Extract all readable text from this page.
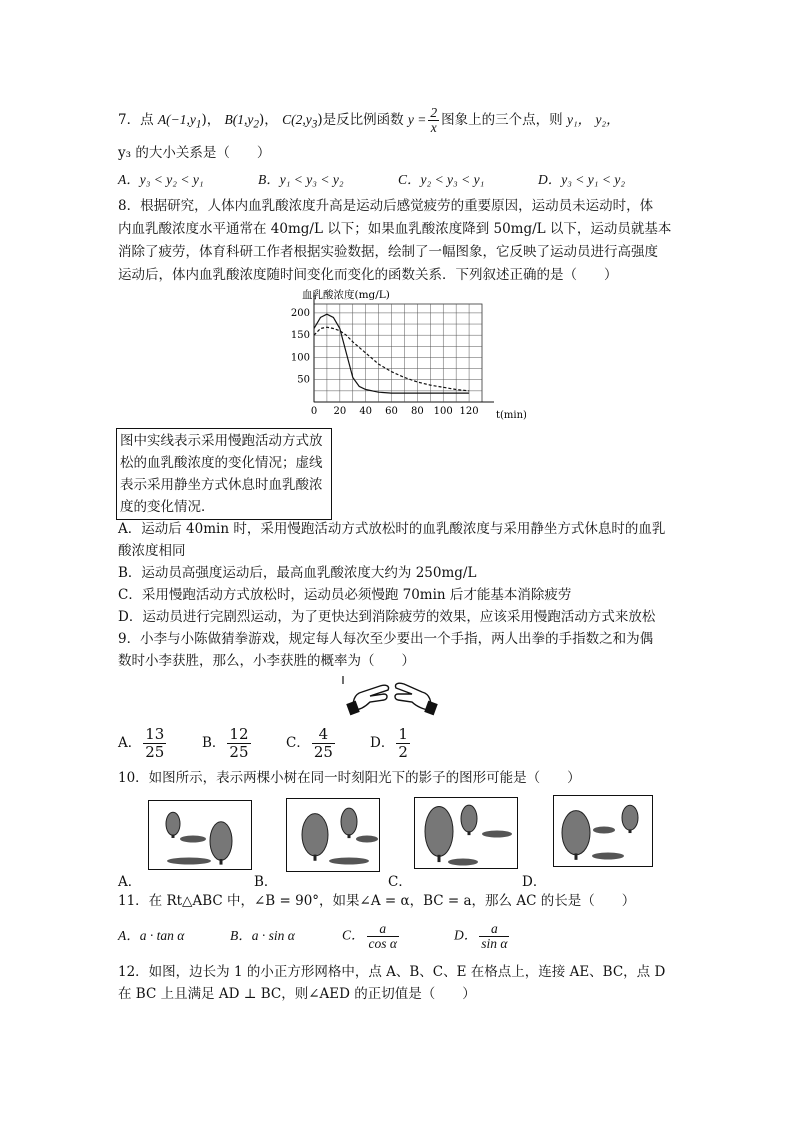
7．点 $A(-1,y_1)$， $B(1,y_2)$， $C(2,y_3)$是反比例函数 $y = \frac{2}{x}$ 图象上的三个点，则 y₁， y₂，
y₃ 的大小关系是（　　）
A．y₃ < y₂ < y₁	B．y₁ < y₃ < y₂	C．y₂ < y₃ < y₁	D．y₃ < y₁ < y₂
8．根据研究，人体内血乳酸浓度升高是运动后感觉疲劳的重要原因，运动员未运动时，体
内血乳酸浓度水平通常在 40mg/L 以下；如果血乳酸浓度降到 50mg/L 以下，运动员就基本
消除了疲劳，体育科研工作者根据实验数据，绘制了一幅图象，它反映了运动员进行高强度
运动后，体内血乳酸浓度随时间变化而变化的函数关系．下列叙述正确的是（　　）
血乳酸浓度(mg/L)
t(min)
0 20 40 60 80 100 120
50
100
150
200
图中实线表示采用慢跑活动方式放松的血乳酸浓度的变化情况；虚线表示采用静坐方式休息时血乳酸浓度的变化情况．
A．运动后 40min 时，采用慢跑活动方式放松时的血乳酸浓度与采用静坐方式休息时的血乳
酸浓度相同
B．运动员高强度运动后，最高血乳酸浓度大约为 250mg/L
C．采用慢跑活动方式放松时，运动员必须慢跑 70min 后才能基本消除疲劳
D．运动员进行完剧烈运动，为了更快达到消除疲劳的效果，应该采用慢跑活动方式来放松
9．小李与小陈做猜拳游戏，规定每人每次至少要出一个手指，两人出拳的手指数之和为偶
数时小李获胜，那么，小李获胜的概率为（　　）
A． $\frac{13}{25}$	B． $\frac{12}{25}$	C． $\frac{4}{25}$	D． $\frac{1}{2}$
10．如图所示，表示两棵小树在同一时刻阳光下的影子的图形可能是（　　）
A．	B．	C．	D．
11．在 Rt△ABC 中，∠B = 90°，如果∠A = α，BC = a，那么 AC 的长是（　　）
A．a · tan α	B．a · sin α	C． $\frac{a}{\text{cos α}}$	D． $\frac{a}{\text{sin α}}$
12．如图，边长为 1 的小正方形网格中，点 A、B、C、E 在格点上，连接 AE、BC，点 D
在 BC 上且满足 AD ⊥ BC，则∠AED 的正切值是（　　）
